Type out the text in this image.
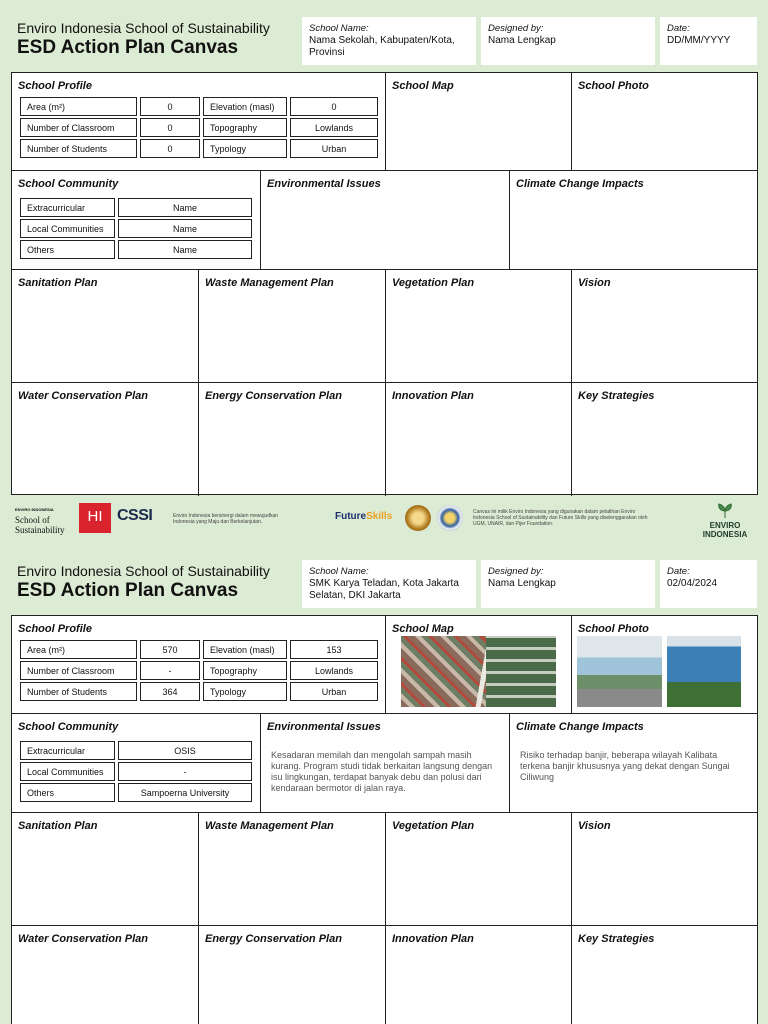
Enviro Indonesia School of Sustainability
ESD Action Plan Canvas
School Name:
Nama Sekolah, Kabupaten/Kota, Provinsi
Designed by:
Nama Lengkap
Date:
DD/MM/YYYY
School Profile
Area (m²)	0	Elevation (masl)	0
Number of Classroom	0	Topography	Lowlands
Number of Students	0	Typology	Urban
School Map	School Photo
School Community
Extracurricular	Name
Local Communities	Name
Others	Name
Environmental Issues	Climate Change Impacts
Sanitation Plan	Waste Management Plan	Vegetation Plan	Vision
Water Conservation Plan	Energy Conservation Plan	Innovation Plan	Key Strategies
ENVIRO INDONESIA
School of Sustainability
HI CSSI	Enviro Indonesia bersinergi dalam mewujudkan Indonesia yang Maju dan Berkelanjutan.	FutureSkills	Canvas ini milik Enviro Indonesia yang digunakan dalam pelatihan Enviro Indonesia School of Sustainability dan Future Skills yang diselenggarakan oleh UGM, UNAIR, dan Pijer Foundation.	ENVIRO INDONESIA
Enviro Indonesia School of Sustainability
ESD Action Plan Canvas
School Name:
SMK Karya Teladan, Kota Jakarta Selatan, DKI Jakarta
Designed by:
Nama Lengkap
Date:
02/04/2024
School Profile
Area (m²)	570	Elevation (masl)	153
Number of Classroom	-	Topography	Lowlands
Number of Students	364	Typology	Urban
School Map	School Photo
School Community
Extracurricular	OSIS
Local Communities	-
Others	Sampoerna University
Environmental Issues
Kesadaran memilah dan mengolah sampah masih kurang. Program studi tidak berkaitan langsung dengan isu lingkungan, terdapat banyak debu dan polusi dari kendaraan bermotor di jalan raya.
Climate Change Impacts
Risiko terhadap banjir, beberapa wilayah Kalibata terkena banjir khususnya yang dekat dengan Sungai Ciliwung
Sanitation Plan	Waste Management Plan	Vegetation Plan	Vision
Water Conservation Plan	Energy Conservation Plan	Innovation Plan	Key Strategies
